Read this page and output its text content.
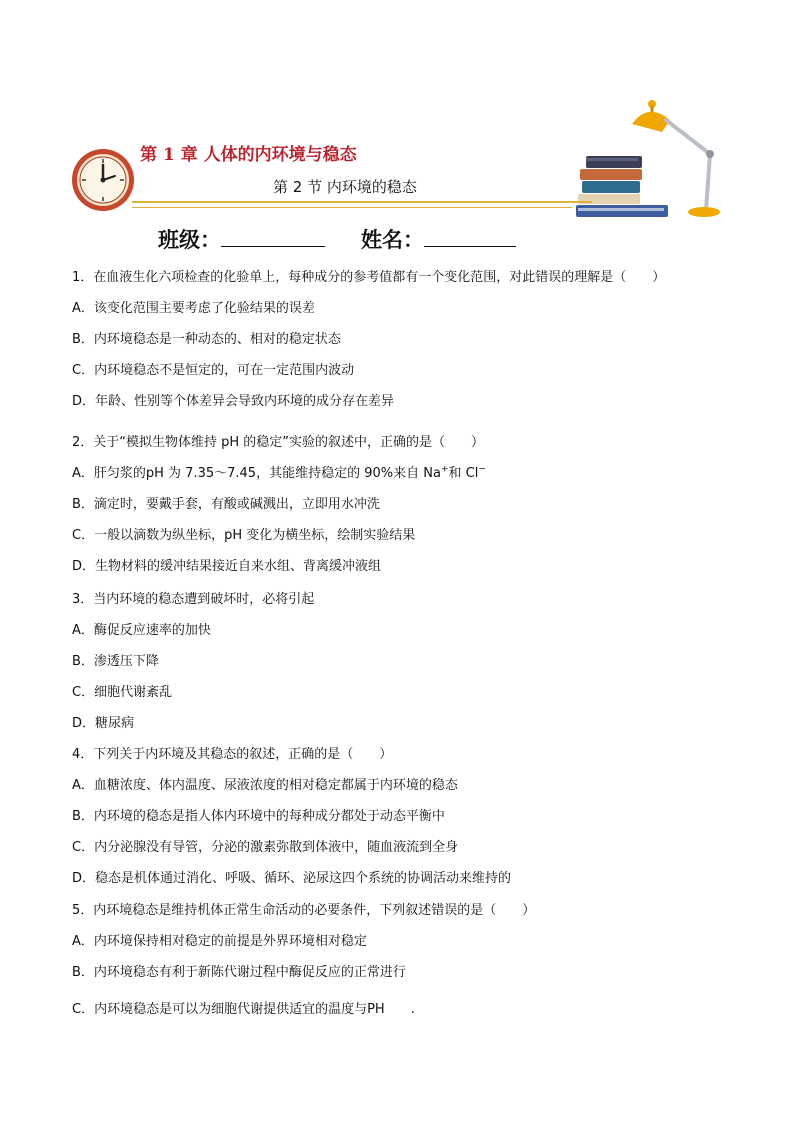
第 1 章 人体的内环境与稳态
第 2 节 内环境的稳态
班级：	姓名：
1．在血液生化六项检查的化验单上，每种成分的参考值都有一个变化范围，对此错误的理解是（　　）
A．该变化范围主要考虑了化验结果的误差
B．内环境稳态是一种动态的、相对的稳定状态
C．内环境稳态不是恒定的，可在一定范围内波动
D．年龄、性别等个体差异会导致内环境的成分存在差异
2．关于“模拟生物体维持 pH 的稳定”实验的叙述中，正确的是（　　）
A．肝匀浆的pH 为 7.35～7.45，其能维持稳定的 90%来自 Na+和 Cl−
B．滴定时，要戴手套，有酸或碱溅出，立即用水冲洗
C．一般以滴数为纵坐标，pH 变化为横坐标，绘制实验结果
D．生物材料的缓冲结果接近自来水组、背离缓冲液组
3．当内环境的稳态遭到破坏时，必将引起
A．酶促反应速率的加快
B．渗透压下降
C．细胞代谢紊乱
D．糖尿病
4．下列关于内环境及其稳态的叙述，正确的是（　　）
A．血糖浓度、体内温度、尿液浓度的相对稳定都属于内环境的稳态
B．内环境的稳态是指人体内环境中的每种成分都处于动态平衡中
C．内分泌腺没有导管，分泌的激素弥散到体液中，随血液流到全身
D．稳态是机体通过消化、呼吸、循环、泌尿这四个系统的协调活动来维持的
5．内环境稳态是维持机体正常生命活动的必要条件，下列叙述错误的是（　　）
A．内环境保持相对稳定的前提是外界环境相对稳定
B．内环境稳态有利于新陈代谢过程中酶促反应的正常进行
C．内环境稳态是可以为细胞代谢提供适宜的温度与PH　　.
